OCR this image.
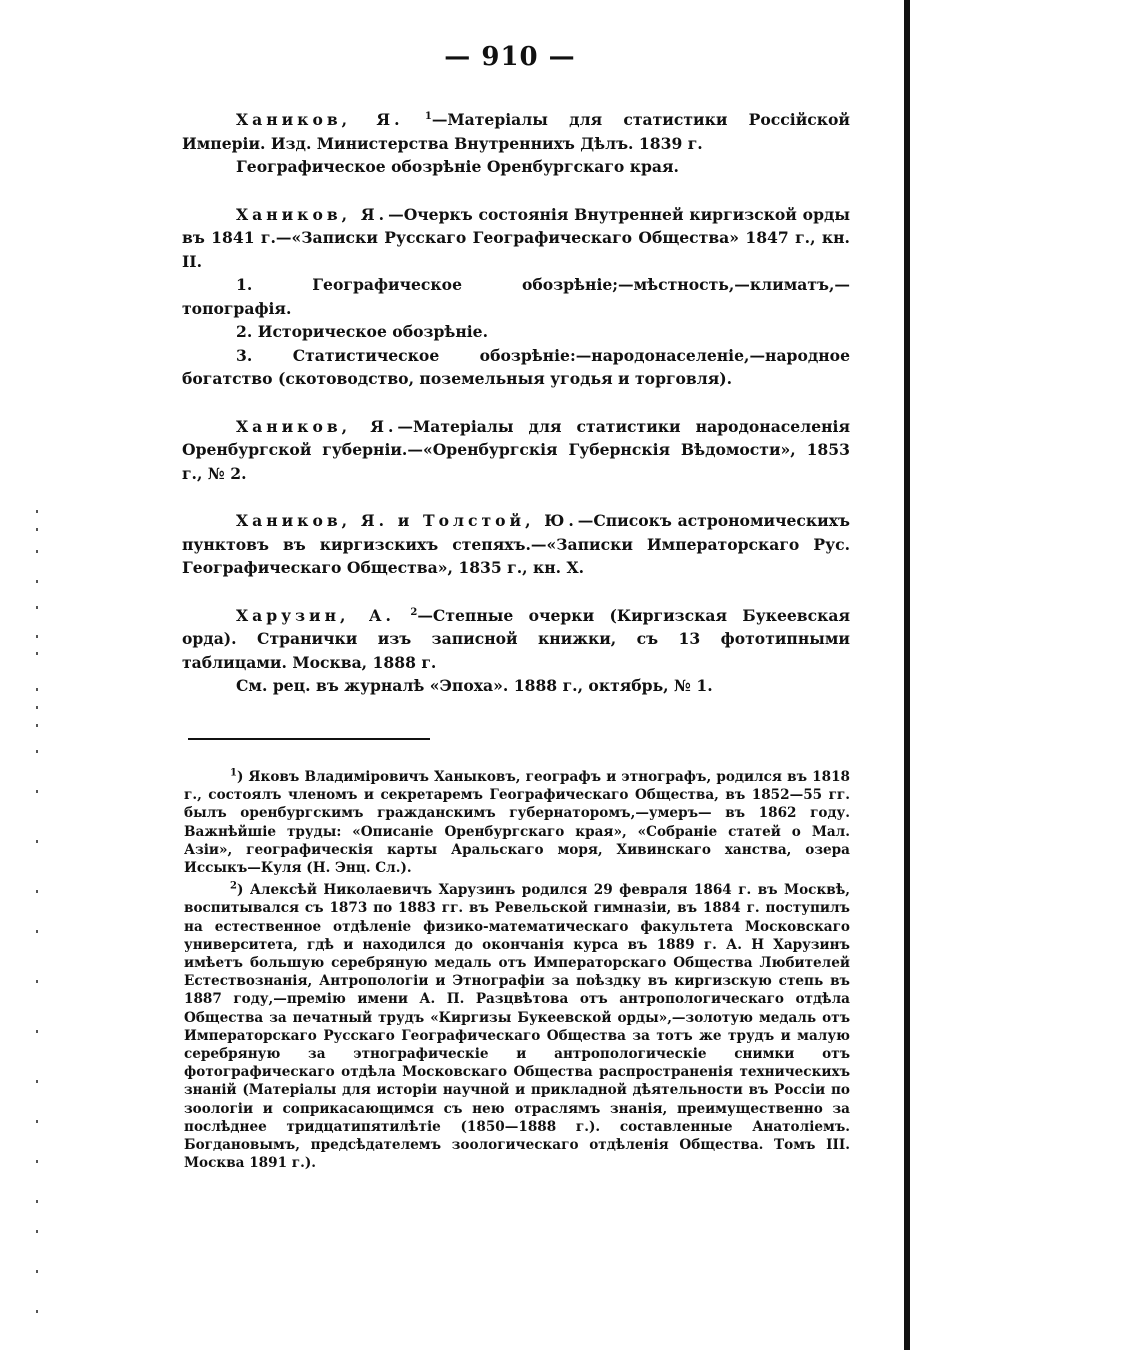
— 910 —

Хаников, Я. $^1$—Матеріалы для статистики Россійской Имперіи. Изд. Министерства Внутреннихъ Дѣлъ. 1839 г.

Географическое обозрѣніе Оренбургскаго края.

Хаников, Я.—Очеркъ состоянія Внутренней киргизской орды въ 1841 г.—«Записки Русскаго Географическаго Общества» 1847 г., кн. II.

1. Географическое обозрѣніе;—мѣстность,—климатъ,—топографія.

2. Историческое обозрѣніе.

3. Статистическое обозрѣніе:—народонаселеніе,—народное богатство (скотоводство, поземельныя угодья и торговля).

Хаников, Я.—Матеріалы для статистики народонаселенія Оренбургской губерніи.—«Оренбургскія Губернскія Вѣдомости», 1853 г., № 2.

Хаников, Я. и Толстой, Ю.—Списокъ астрономическихъ пунктовъ въ киргизскихъ степяхъ.—«Записки Императорскаго Рус. Географическаго Общества», 1835 г., кн. X.

Харузин, А. $^2$—Степные очерки (Киргизская Букеевская орда). Странички изъ записной книжки, съ 13 фототипными таблицами. Москва, 1888 г.

См. рец. въ журналѣ «Эпоха». 1888 г., октябрь, № 1.

$^1$) Яковъ Владиміровичъ Ханыковъ, географъ и этнографъ, родился въ 1818 г., состоялъ членомъ и секретаремъ Географическаго Общества, въ 1852—55 гг. былъ оренбургскимъ гражданскимъ губернаторомъ,—умеръ— въ 1862 году. Важнѣйшіе труды: «Описаніе Оренбургскаго края», «Собраніе статей о Мал. Азіи», географическія карты Аральскаго моря, Хивинскаго ханства, озера Иссыкъ—Куля (Н. Энц. Сл.).

$^2$) Алексѣй Николаевичъ Харузинъ родился 29 февраля 1864 г. въ Москвѣ, воспитывался съ 1873 по 1883 гг. въ Ревельской гимназіи, въ 1884 г. поступилъ на естественное отдѣленіе физико-математическаго факультета Московскаго университета, гдѣ и находился до окончанія курса въ 1889 г. А. Н Харузинъ имѣетъ большую серебряную медаль отъ Императорскаго Общества Любителей Естествознанія, Антропологіи и Этнографіи за поѣздку въ киргизскую степь въ 1887 году,—премію имени А. П. Разцвѣтова отъ антропологическаго отдѣла Общества за печатный трудъ «Киргизы Букеевской орды»,—золотую медаль отъ Императорскаго Русскаго Географическаго Общества за тотъ же трудъ и малую серебряную за этнографическіе и антропологическіе снимки отъ фотографическаго отдѣла Московскаго Общества распространенія техническихъ знаній (Матеріалы для исторіи научной и прикладной дѣятельности въ Россіи по зоологіи и соприкасающимся съ нею отраслямъ знанія, преимущественно за послѣднее тридцатипятилѣтіе (1850—1888 г.). составленные Анатоліемъ. Богдановымъ, предсѣдателемъ зоологическаго отдѣленія Общества. Томъ III. Москва 1891 г.).
